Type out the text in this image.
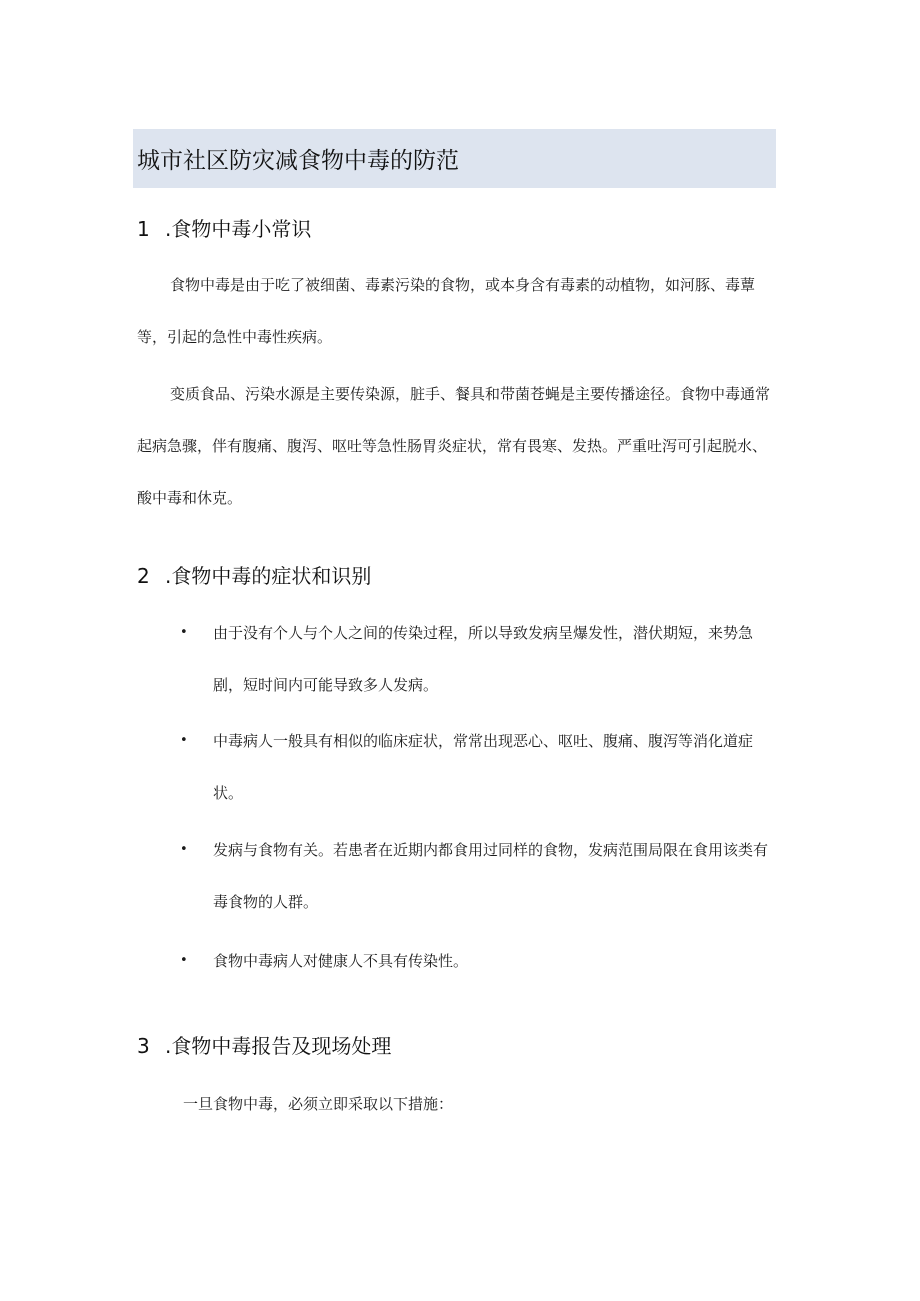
城市社区防灾减食物中毒的防范
1 .食物中毒小常识

食物中毒是由于吃了被细菌、毒素污染的食物，或本身含有毒素的动植物，如河豚、毒蕈等，引起的急性中毒性疾病。

变质食品、污染水源是主要传染源，脏手、餐具和带菌苍蝇是主要传播途径。食物中毒通常起病急骤，伴有腹痛、腹泻、呕吐等急性肠胃炎症状，常有畏寒、发热。严重吐泻可引起脱水、酸中毒和休克。

2 .食物中毒的症状和识别
• 由于没有个人与个人之间的传染过程，所以导致发病呈爆发性，潜伏期短，来势急剧，短时间内可能导致多人发病。
• 中毒病人一般具有相似的临床症状，常常出现恶心、呕吐、腹痛、腹泻等消化道症状。
• 发病与食物有关。若患者在近期内都食用过同样的食物，发病范围局限在食用该类有毒食物的人群。
• 食物中毒病人对健康人不具有传染性。
3 .食物中毒报告及现场处理

一旦食物中毒，必须立即采取以下措施：
